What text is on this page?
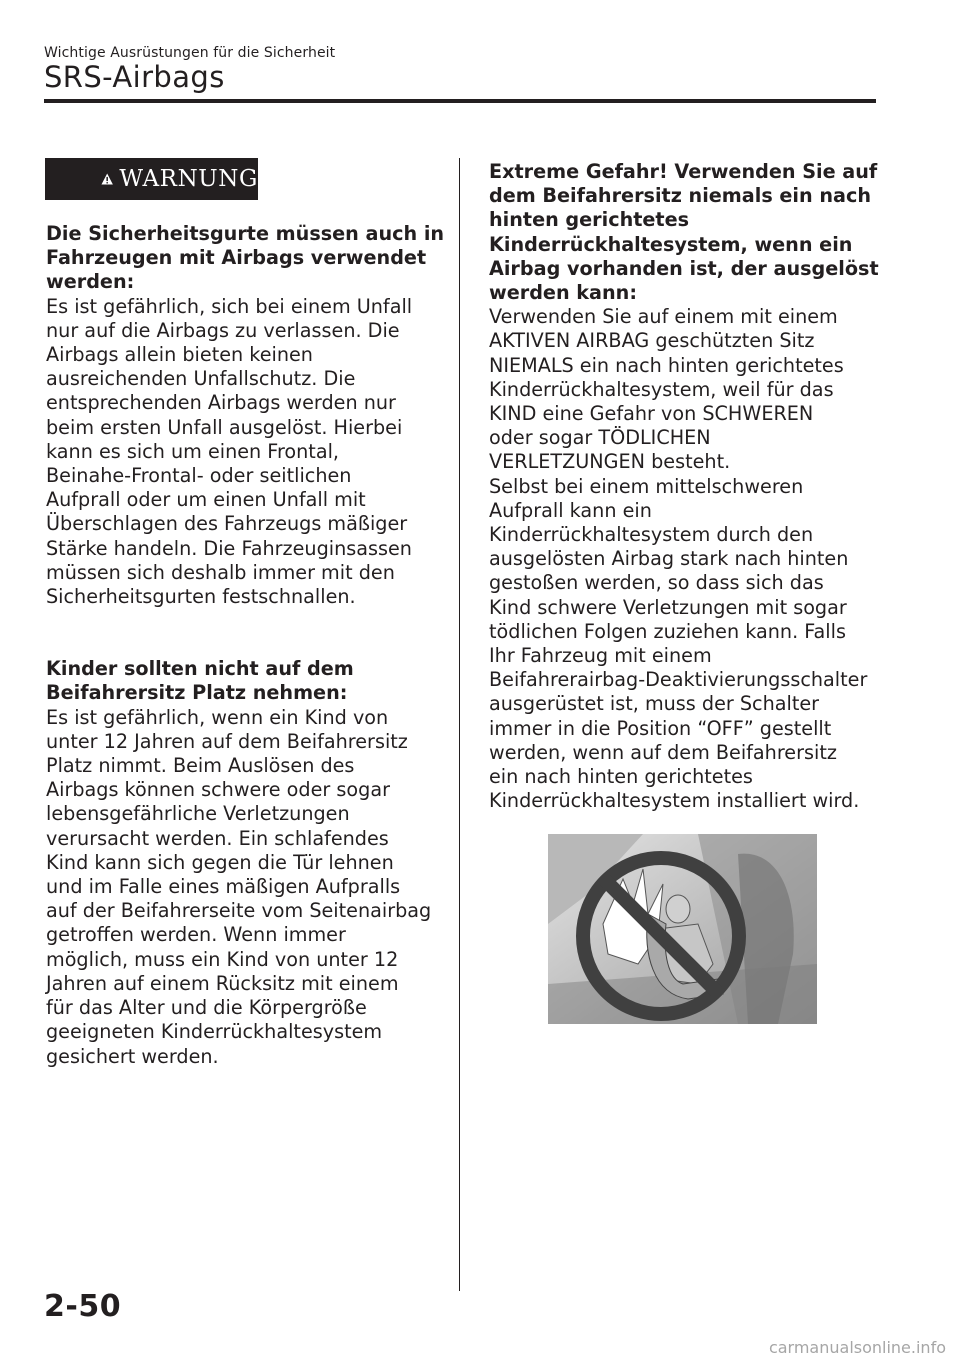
Wichtige Ausrüstungen für die Sicherheit
SRS-Airbags
WARNUNG

Die Sicherheitsgurte müssen auch in

Fahrzeugen mit Airbags verwendet

werden:

Es ist gefährlich, sich bei einem Unfall

nur auf die Airbags zu verlassen. Die

Airbags allein bieten keinen

ausreichenden Unfallschutz. Die

entsprechenden Airbags werden nur

beim ersten Unfall ausgelöst. Hierbei

kann es sich um einen Frontal,

Beinahe-Frontal- oder seitlichen

Aufprall oder um einen Unfall mit

Überschlagen des Fahrzeugs mäßiger

Stärke handeln. Die Fahrzeuginsassen

müssen sich deshalb immer mit den

Sicherheitsgurten festschnallen.

Kinder sollten nicht auf dem

Beifahrersitz Platz nehmen:

Es ist gefährlich, wenn ein Kind von

unter 12 Jahren auf dem Beifahrersitz

Platz nimmt. Beim Auslösen des

Airbags können schwere oder sogar

lebensgefährliche Verletzungen

verursacht werden. Ein schlafendes

Kind kann sich gegen die Tür lehnen

und im Falle eines mäßigen Aufpralls

auf der Beifahrerseite vom Seitenairbag

getroffen werden. Wenn immer

möglich, muss ein Kind von unter 12

Jahren auf einem Rücksitz mit einem

für das Alter und die Körpergröße

geeigneten Kinderrückhaltesystem

gesichert werden.

Extreme Gefahr! Verwenden Sie auf

dem Beifahrersitz niemals ein nach

hinten gerichtetes

Kinderrückhaltesystem, wenn ein

Airbag vorhanden ist, der ausgelöst

werden kann:

Verwenden Sie auf einem mit einem

AKTIVEN AIRBAG geschützten Sitz

NIEMALS ein nach hinten gerichtetes

Kinderrückhaltesystem, weil für das

KIND eine Gefahr von SCHWEREN

oder sogar TÖDLICHEN

VERLETZUNGEN besteht.

Selbst bei einem mittelschweren

Aufprall kann ein

Kinderrückhaltesystem durch den

ausgelösten Airbag stark nach hinten

gestoßen werden, so dass sich das

Kind schwere Verletzungen mit sogar

tödlichen Folgen zuziehen kann. Falls

Ihr Fahrzeug mit einem

Beifahrerairbag-Deaktivierungsschalter

ausgerüstet ist, muss der Schalter

immer in die Position “OFF” gestellt

werden, wenn auf dem Beifahrersitz

ein nach hinten gerichtetes

Kinderrückhaltesystem installiert wird.

2-50
carmanualsonline.info
